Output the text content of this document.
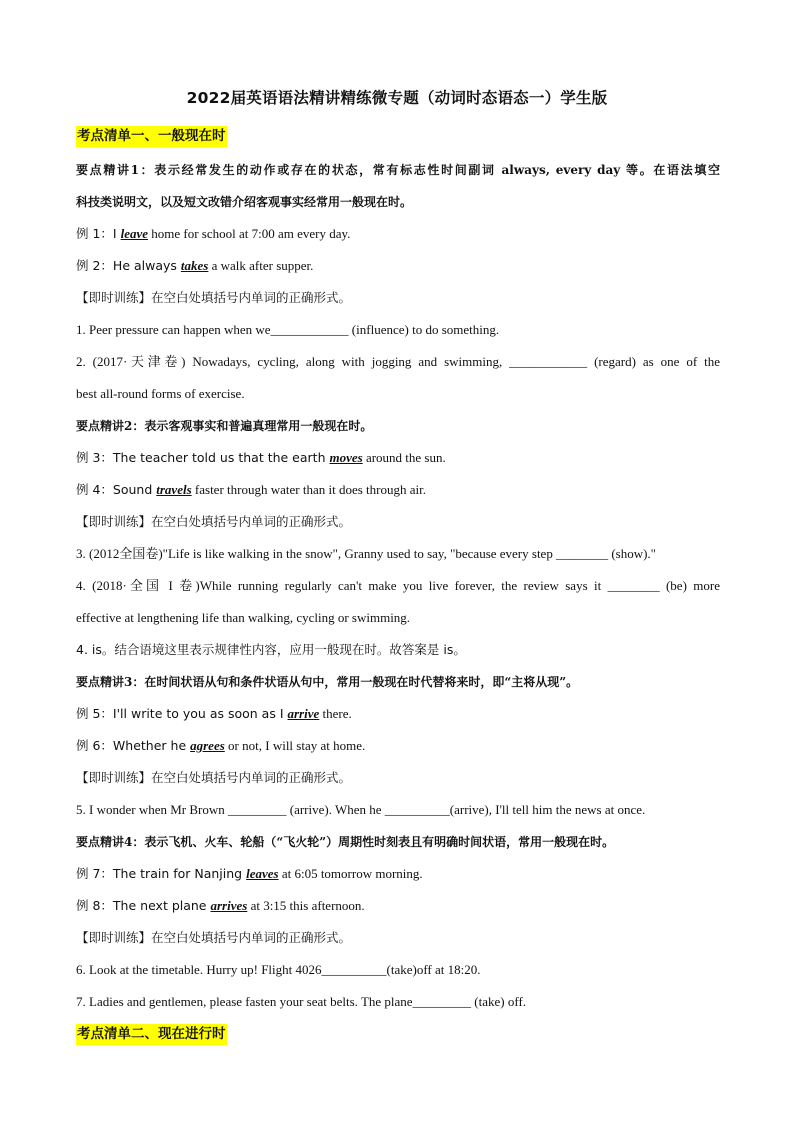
2022届英语语法精讲精练微专题（动词时态语态一）学生版
考点清单一、一般现在时
要点精讲1：表示经常发生的动作或存在的状态，常有标志性时间副词 always, every day 等。在语法填空
科技类说明文，以及短文改错介绍客观事实经常用一般现在时。
例 1：I leave home for school at 7:00 am every day.
例 2：He always takes a walk after supper.
【即时训练】在空白处填括号内单词的正确形式。
1. Peer pressure can happen when we____________ (influence) to do something.
2. (2017·天津卷) Nowadays, cycling, along with jogging and swimming, ____________ (regard) as one of the
best all-round forms of exercise.
要点精讲2：表示客观事实和普遍真理常用一般现在时。
例 3：The teacher told us that the earth moves around the sun.
例 4：Sound travels faster through water than it does through air.
【即时训练】在空白处填括号内单词的正确形式。
3. (2012全国卷)"Life is like walking in the snow", Granny used to say, "because every step ________ (show)."
4. (2018·全国 I 卷)While running regularly can't make you live forever, the review says it ________ (be) more
effective at lengthening life than walking, cycling or swimming.
4. is。结合语境这里表示规律性内容，应用一般现在时。故答案是 is。
要点精讲3：在时间状语从句和条件状语从句中，常用一般现在时代替将来时，即“主将从现”。
例 5：I'll write to you as soon as I arrive there.
例 6：Whether he agrees or not, I will stay at home.
【即时训练】在空白处填括号内单词的正确形式。
5. I wonder when Mr Brown _________ (arrive). When he __________(arrive), I'll tell him the news at once.
要点精讲4：表示飞机、火车、轮船（“飞火轮”）周期性时刻表且有明确时间状语，常用一般现在时。
例 7：The train for Nanjing leaves at 6:05 tomorrow morning.
例 8：The next plane arrives at 3:15 this afternoon.
【即时训练】在空白处填括号内单词的正确形式。
6. Look at the timetable. Hurry up! Flight 4026__________(take)off at 18:20.
7. Ladies and gentlemen, please fasten your seat belts. The plane_________ (take) off.
考点清单二、现在进行时
